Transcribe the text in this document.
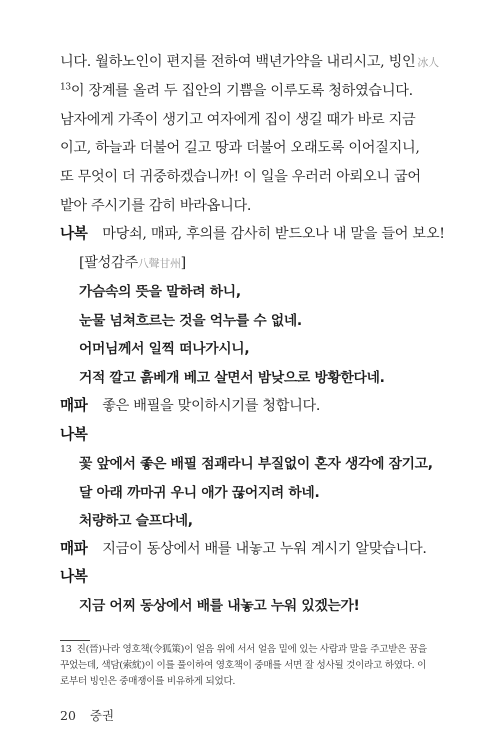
니다. 월하노인이 편지를 전하여 백년가약을 내리시고, 빙인 冰人
$^{13}$이 장계를 올려 두 집안의 기쁨을 이루도록 청하였습니다.
남자에게 가족이 생기고 여자에게 집이 생길 때가 바로 지금
이고, 하늘과 더불어 길고 땅과 더불어 오래도록 이어질지니,
또 무엇이 더 귀중하겠습니까! 이 일을 우러러 아뢰오니 굽어
밭아 주시기를 감히 바라옵니다.
나복 마당쇠, 매파, 후의를 감사히 받드오나 내 말을 들어 보오!
[팔성감주八聲甘州]
가슴속의 뜻을 말하려 하니,
눈물 넘쳐흐르는 것을 억누를 수 없네.
어머님께서 일찍 떠나가시니,
거적 깔고 흙베개 베고 살면서 밤낮으로 방황한다네.
매파 좋은 배필을 맞이하시기를 청합니다.
나복
꽃 앞에서 좋은 배필 점괘라니 부질없이 혼자 생각에 잠기고,
달 아래 까마귀 우니 애가 끊어지려 하네.
처량하고 슬프다네,
매파 지금이 동상에서 배를 내놓고 누워 계시기 알맞습니다.
나복
지금 어찌 동상에서 배를 내놓고 누워 있겠는가!
13 진(晉)나라 영호책(令狐策)이 얼음 위에 서서 얼음 밑에 있는 사람과 말을 주고받은 꿈을
꾸었는데, 색담(索紞)이 이를 풀이하여 영호책이 중매를 서면 잘 성사될 것이라고 하였다. 이
로부터 빙인은 중매쟁이를 비유하게 되었다.
20 중권
